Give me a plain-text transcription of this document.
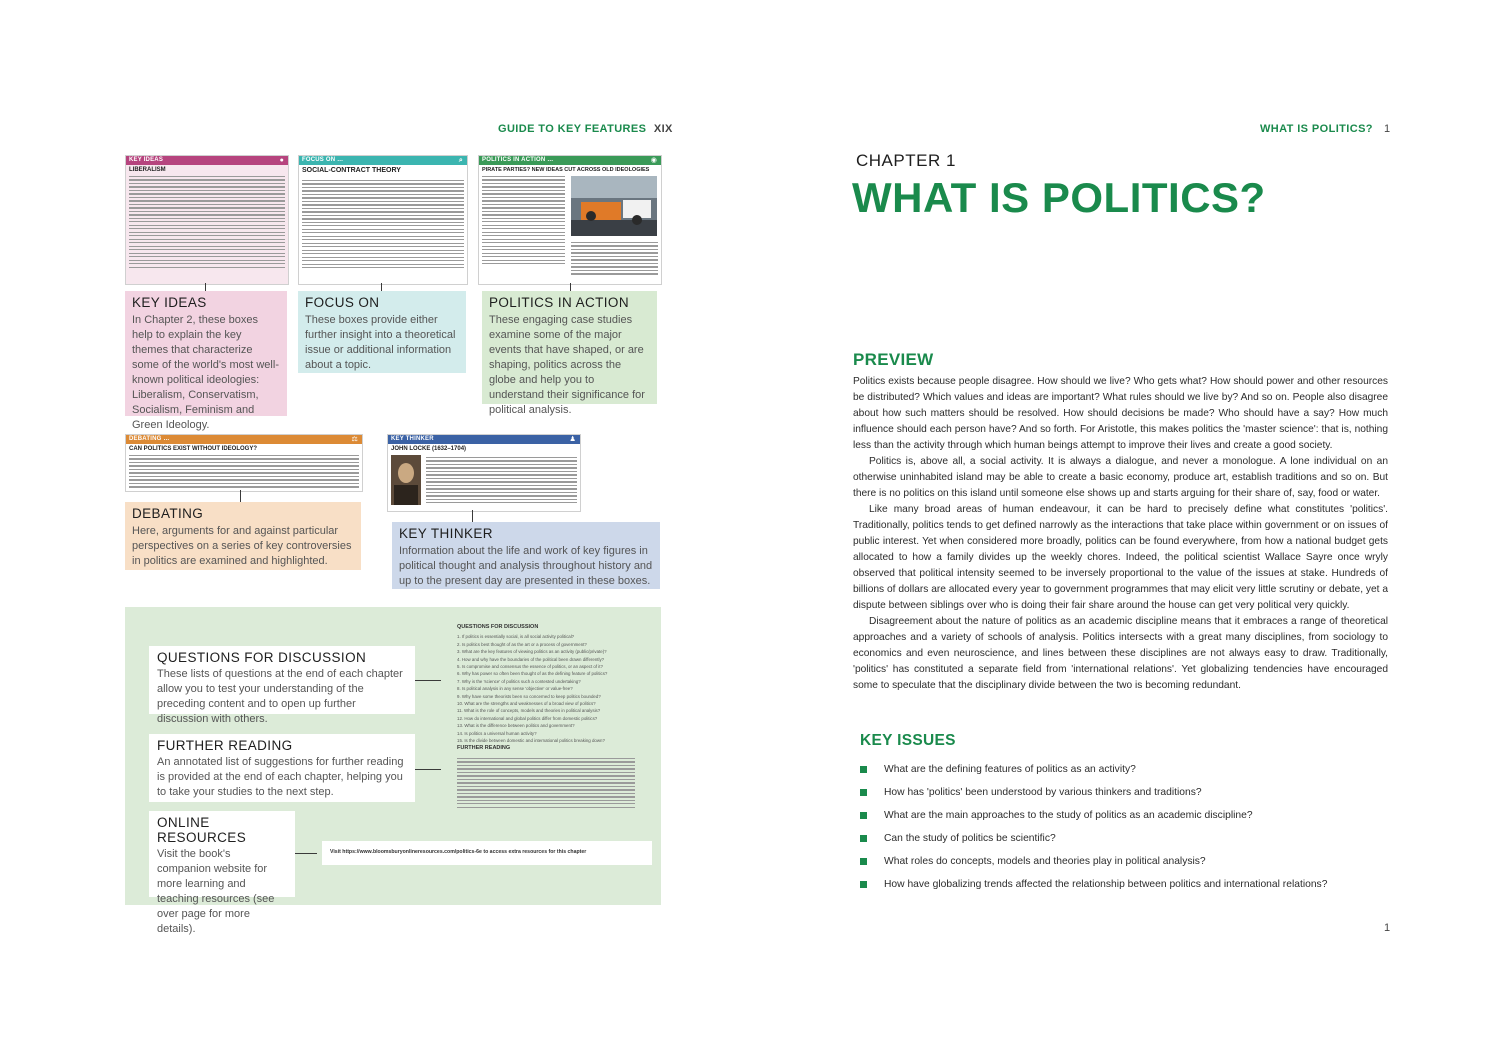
GUIDE TO KEY FEATURES XIX
KEY IDEAS	●
LIBERALISM
FOCUS ON …	⌕
SOCIAL-CONTRACT THEORY
POLITICS IN ACTION …	◉
PIRATE PARTIES? NEW IDEAS CUT ACROSS OLD IDEOLOGIES
KEY IDEAS

In Chapter 2, these boxes help to explain the key themes that characterize some of the world's most well-known political ideologies: Liberalism, Conservatism, Socialism, Feminism and Green Ideology.

FOCUS ON

These boxes provide either further insight into a theoretical issue or additional information about a topic.

POLITICS IN ACTION

These engaging case studies examine some of the major events that have shaped, or are shaping, politics across the globe and help you to understand their significance for political analysis.

DEBATING …	⚖
CAN POLITICS EXIST WITHOUT IDEOLOGY?
KEY THINKER	♟
JOHN LOCKE (1632–1704)
DEBATING

Here, arguments for and against particular perspectives on a series of key controversies in politics are examined and highlighted.

KEY THINKER

Information about the life and work of key figures in political thought and analysis throughout history and up to the present day are presented in these boxes.

QUESTIONS FOR DISCUSSION

These lists of questions at the end of each chapter allow you to test your understanding of the preceding content and to open up further discussion with others.

FURTHER READING

An annotated list of suggestions for further reading is provided at the end of each chapter, helping you to take your studies to the next step.

ONLINE RESOURCES

Visit the book's companion website for more learning and teaching resources (see over page for more details).

QUESTIONS FOR DISCUSSION
1. If politics is essentially social, is all social activity political?
2. Is politics best thought of as the art or a process of government?
3. What are the key features of viewing politics as an activity (public/private)?
4. How and why have the boundaries of the political been drawn differently?
5. Is compromise and consensus the essence of politics, or an aspect of it?
6. Why has power so often been thought of as the defining feature of politics?
7. Why is the 'science' of politics such a contested undertaking?
8. Is political analysis in any sense 'objective' or value-free?
9. Why have some theorists been so concerned to keep politics bounded?
10. What are the strengths and weaknesses of a broad view of politics?
11. What is the role of concepts, models and theories in political analysis?
12. How do international and global politics differ from domestic politics?
13. What is the difference between politics and government?
14. Is politics a universal human activity?
15. Is the divide between domestic and international politics breaking down?
FURTHER READING
Visit https://www.bloomsburyonlineresources.com/politics-6e to access extra resources for this chapter
WHAT IS POLITICS? 1
CHAPTER 1
WHAT IS POLITICS?
PREVIEW

Politics exists because people disagree. How should we live? Who gets what? How should power and other resources be distributed? Which values and ideas are important? What rules should we live by? And so on. People also disagree about how such matters should be resolved. How should decisions be made? Who should have a say? How much influence should each person have? And so forth. For Aristotle, this makes politics the 'master science': that is, nothing less than the activity through which human beings attempt to improve their lives and create a good society.

Politics is, above all, a social activity. It is always a dialogue, and never a monologue. A lone individual on an otherwise uninhabited island may be able to create a basic economy, produce art, establish traditions and so on. But there is no politics on this island until someone else shows up and starts arguing for their share of, say, food or water.

Like many broad areas of human endeavour, it can be hard to precisely define what constitutes 'politics'. Traditionally, politics tends to get defined narrowly as the interactions that take place within government or on issues of public interest. Yet when considered more broadly, politics can be found everywhere, from how a national budget gets allocated to how a family divides up the weekly chores. Indeed, the political scientist Wallace Sayre once wryly observed that political intensity seemed to be inversely proportional to the value of the issues at stake. Hundreds of billions of dollars are allocated every year to government programmes that may elicit very little scrutiny or debate, yet a dispute between siblings over who is doing their fair share around the house can get very political very quickly.

Disagreement about the nature of politics as an academic discipline means that it embraces a range of theoretical approaches and a variety of schools of analysis. Politics intersects with a great many disciplines, from sociology to economics and even neuroscience, and lines between these disciplines are not always easy to draw. Traditionally, 'politics' has constituted a separate field from 'international relations'. Yet globalizing tendencies have encouraged some to speculate that the disciplinary divide between the two is becoming redundant.

KEY ISSUES
What are the defining features of politics as an activity?
How has 'politics' been understood by various thinkers and traditions?
What are the main approaches to the study of politics as an academic discipline?
Can the study of politics be scientific?
What roles do concepts, models and theories play in political analysis?
How have globalizing trends affected the relationship between politics and international relations?
1
